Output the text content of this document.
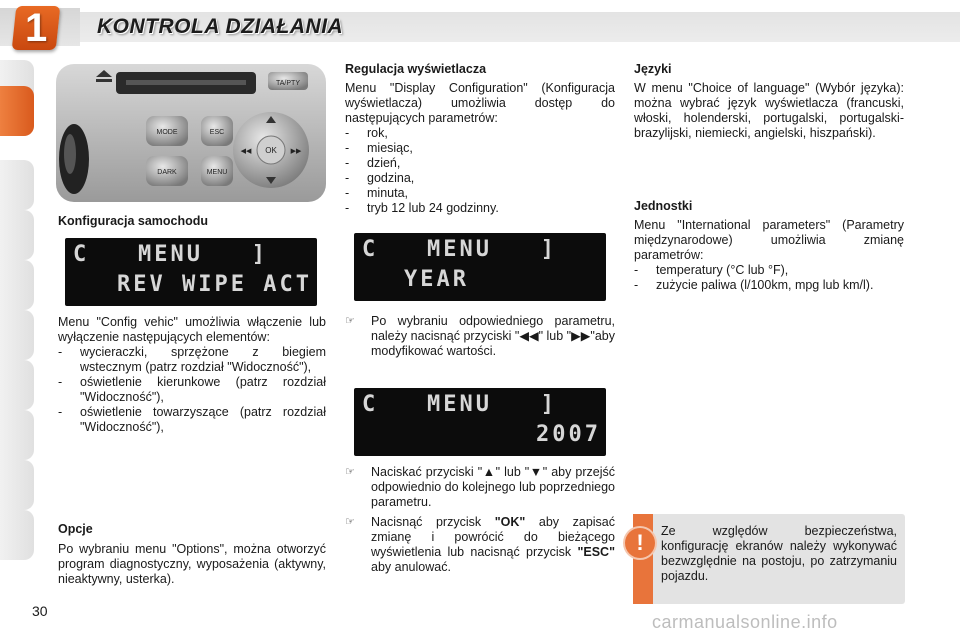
1 KONTROLA DZIAŁANIA
TA/PTY
MODE
DARK
ESC
MENU
OK
◀◀	▶▶

Konfiguracja samochodu

C   MENU   ]
REV WIPE ACT

Menu "Config vehic" umożliwia włączenie lub wyłączenie następujących elementów:

-	wycieraczki, sprzężone z biegiem wstecznym (patrz rozdział "Widoczność"),
-	oświetlenie kierunkowe (patrz rozdział "Widoczność"),
-	oświetlenie towarzyszące (patrz rozdział "Widoczność"),

Opcje

Po wybraniu menu "Options", można otworzyć program diagnostyczny, wyposażenia (aktywny, nieaktywny, usterka).

Regulacja wyświetlacza

Menu "Display Configuration" (Konfiguracja wyświetlacza) umożliwia dostęp do następujących parametrów:

-	rok,
-	miesiąc,
-	dzień,
-	godzina,
-	minuta,
-	tryb 12 lub 24 godzinny.
C   MENU   ]
YEAR
☞	Po wybraniu odpowiedniego parametru, należy nacisnąć przyciski "◀◀" lub "▶▶"aby modyfikować wartości.
C   MENU   ]
2007
☞	Naciskać przyciski "▲" lub "▼" aby przejść odpowiednio do kolejnego lub poprzedniego parametru.
☞	Nacisnąć przycisk "OK" aby zapisać zmianę i powrócić do bieżącego wyświetlenia lub nacisnąć przycisk "ESC" aby anulować.

Języki

W menu "Choice of language" (Wybór języka): można wybrać język wyświetlacza (francuski, włoski, holenderski, portugalski, portugalski-brazylijski, niemiecki, angielski, hiszpański).

Jednostki

Menu "International parameters" (Parametry międzynarodowe) umożliwia zmianę parametrów:

-	temperatury (°C lub °F),
-	zużycie paliwa (l/100km, mpg lub km/l).
!	Ze względów bezpieczeństwa, konfigurację ekranów należy wykonywać bezwzględnie na postoju, po zatrzymaniu pojazdu.
30
carmanualsonline.info
